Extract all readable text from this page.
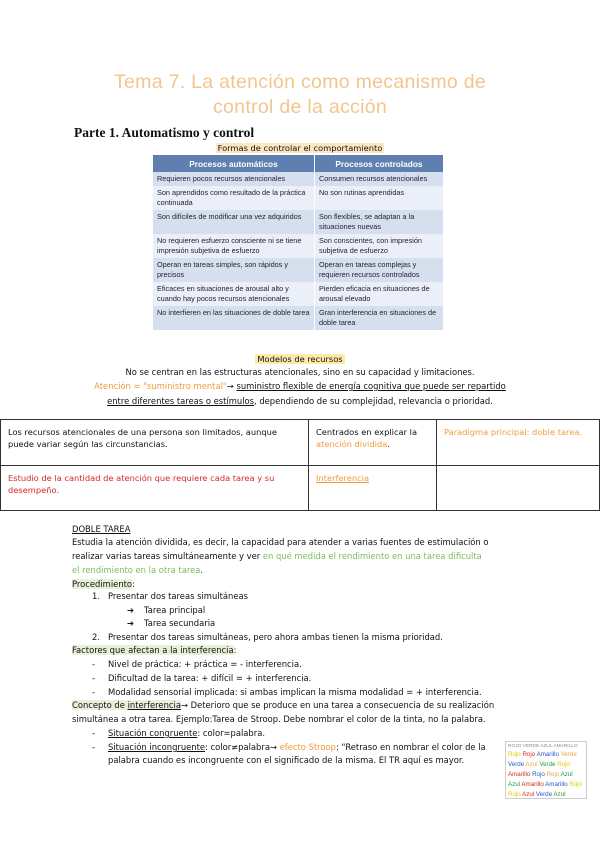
Tema 7. La atención como mecanismo de
control de la acción
Parte 1. Automatismo y control
Formas de controlar el comportamiento
Procesos automáticos	Procesos controlados
Requieren pocos recursos atencionales	Consumen recursos atencionales
Son aprendidos como resultado de la práctica continuada	No son rutinas aprendidas
Son difíciles de modificar una vez adquiridos	Son flexibles, se adaptan a la situaciones nuevas
No requieren esfuerzo consciente ni se tiene impresión subjetiva de esfuerzo	Son conscientes, con impresión subjetiva de esfuerzo
Operan en tareas simples, son rápidos y precisos	Operan en tareas complejas y requieren recursos controlados
Eficaces en situaciones de arousal alto y cuando hay pocos recursos atencionales	Pierden eficacia en situaciones de arousal elevado
No interfieren en las situaciones de doble tarea	Gran interferencia en situaciones de doble tarea
Modelos de recursos
No se centran en las estructuras atencionales, sino en su capacidad y limitaciones.
Atención = "suministro mental"→ suministro flexible de energía cognitiva que puede ser repartido
entre diferentes tareas o estímulos, dependiendo de su complejidad, relevancia o prioridad.
Los recursos atencionales de una persona son limitados, aunque puede variar según las circunstancias.	Centrados en explicar la atención dividida.	Paradigma principal: doble tarea.
Estudio de la cantidad de atención que requiere cada tarea y su desempeño.	Interferencia	
DOBLE TAREA
Estudia la atención dividida, es decir, la capacidad para atender a varias fuentes de estimulación o
realizar varias tareas simultáneamente y ver en qué medida el rendimiento en una tarea dificulta
el rendimiento en la otra tarea.
Procedimiento:
1. Presentar dos tareas simultáneas
➔ Tarea principal
➔ Tarea secundaria
2. Presentar dos tareas simultáneas, pero ahora ambas tienen la misma prioridad.
Factores que afectan a la interferencia:
- Nivel de práctica: + práctica = - interferencia.
- Dificultad de la tarea: + difícil = + interferencia.
- Modalidad sensorial implicada: si ambas implican la misma modalidad = + interferencia.
Concepto de interferencia→ Deterioro que se produce en una tarea a consecuencia de su realización
simultánea a otra tarea. Ejemplo:Tarea de Stroop. Debe nombrar el color de la tinta, no la palabra.
- Situación congruente: color=palabra.
- Situación incongruente: color≠palabra→ efecto Stroop: "Retraso en nombrar el color de la
palabra cuando es incongruente con el significado de la misma. El TR aquí es mayor.
ROJO VERDE AZUL AMARILLO
Rojo Rojo Amarillo Verde
Verde Azul Verde Rojo
Amarillo Rojo Rojo Azul
Azul Amarillo Amarillo Rojo
Rojo Azul Verde Azul
